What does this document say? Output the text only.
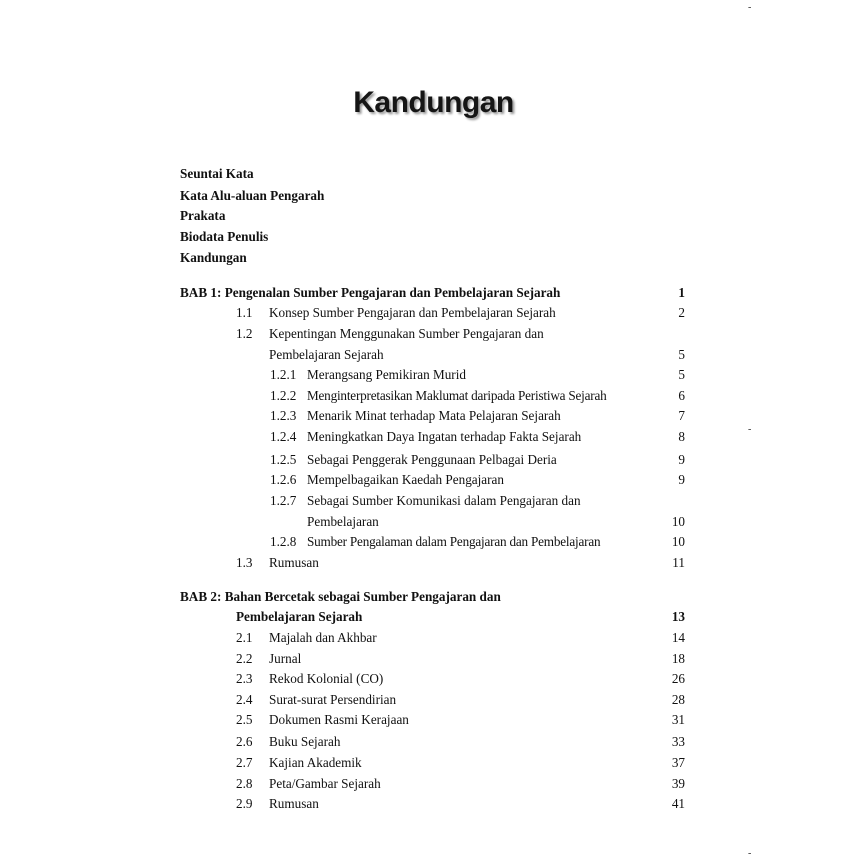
-
-
-
Kandungan
Seuntai Kata
Kata Alu-aluan Pengarah
Prakata
Biodata Penulis
Kandungan
BAB 1: Pengenalan Sumber Pengajaran dan Pembelajaran Sejarah	1
1.1 Konsep Sumber Pengajaran dan Pembelajaran Sejarah	2
1.2 Kepentingan Menggunakan Sumber Pengajaran dan
Pembelajaran Sejarah	5
1.2.1 Merangsang Pemikiran Murid	5
1.2.2 Menginterpretasikan Maklumat daripada Peristiwa Sejarah	6
1.2.3 Menarik Minat terhadap Mata Pelajaran Sejarah	7
1.2.4 Meningkatkan Daya Ingatan terhadap Fakta Sejarah	8
1.2.5 Sebagai Penggerak Penggunaan Pelbagai Deria	9
1.2.6 Mempelbagaikan Kaedah Pengajaran	9
1.2.7 Sebagai Sumber Komunikasi dalam Pengajaran dan
Pembelajaran	10
1.2.8 Sumber Pengalaman dalam Pengajaran dan Pembelajaran	10
1.3 Rumusan	11
BAB 2: Bahan Bercetak sebagai Sumber Pengajaran dan
Pembelajaran Sejarah	13
2.1 Majalah dan Akhbar	14
2.2 Jurnal	18
2.3 Rekod Kolonial (CO)	26
2.4 Surat-surat Persendirian	28
2.5 Dokumen Rasmi Kerajaan	31
2.6 Buku Sejarah	33
2.7 Kajian Akademik	37
2.8 Peta/Gambar Sejarah	39
2.9 Rumusan	41
